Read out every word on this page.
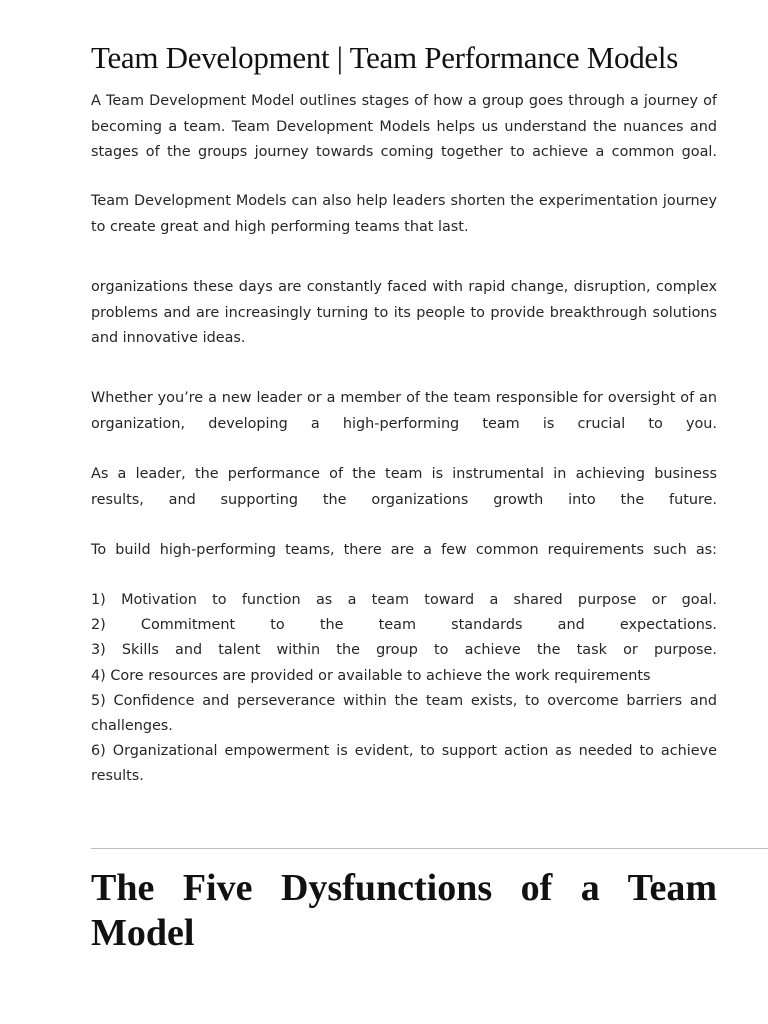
Team Development | Team Performance Models

A Team Development Model outlines stages of how a group goes through a journey of becoming a team. Team Development Models helps us understand the nuances and stages of the groups journey towards coming together to achieve a common goal.

Team Development Models can also help leaders shorten the experimentation journey to create great and high performing teams that last.

organizations these days are constantly faced with rapid change, disruption, complex problems and are increasingly turning to its people to provide breakthrough solutions and innovative ideas.

Whether you’re a new leader or a member of the team responsible for oversight of an organization, developing a high-performing team is crucial to you.

As a leader, the performance of the team is instrumental in achieving business results, and supporting the organizations growth into the future.

To build high-performing teams, there are a few common requirements such as:

1) Motivation to function as a team toward a shared purpose or goal.
2) Commitment to the team standards and expectations.
3) Skills and talent within the group to achieve the task or purpose.
4) Core resources are provided or available to achieve the work requirements
5) Confidence and perseverance within the team exists, to overcome barriers and challenges.
6) Organizational empowerment is evident, to support action as needed to achieve results.
The Five Dysfunctions of a Team Model
